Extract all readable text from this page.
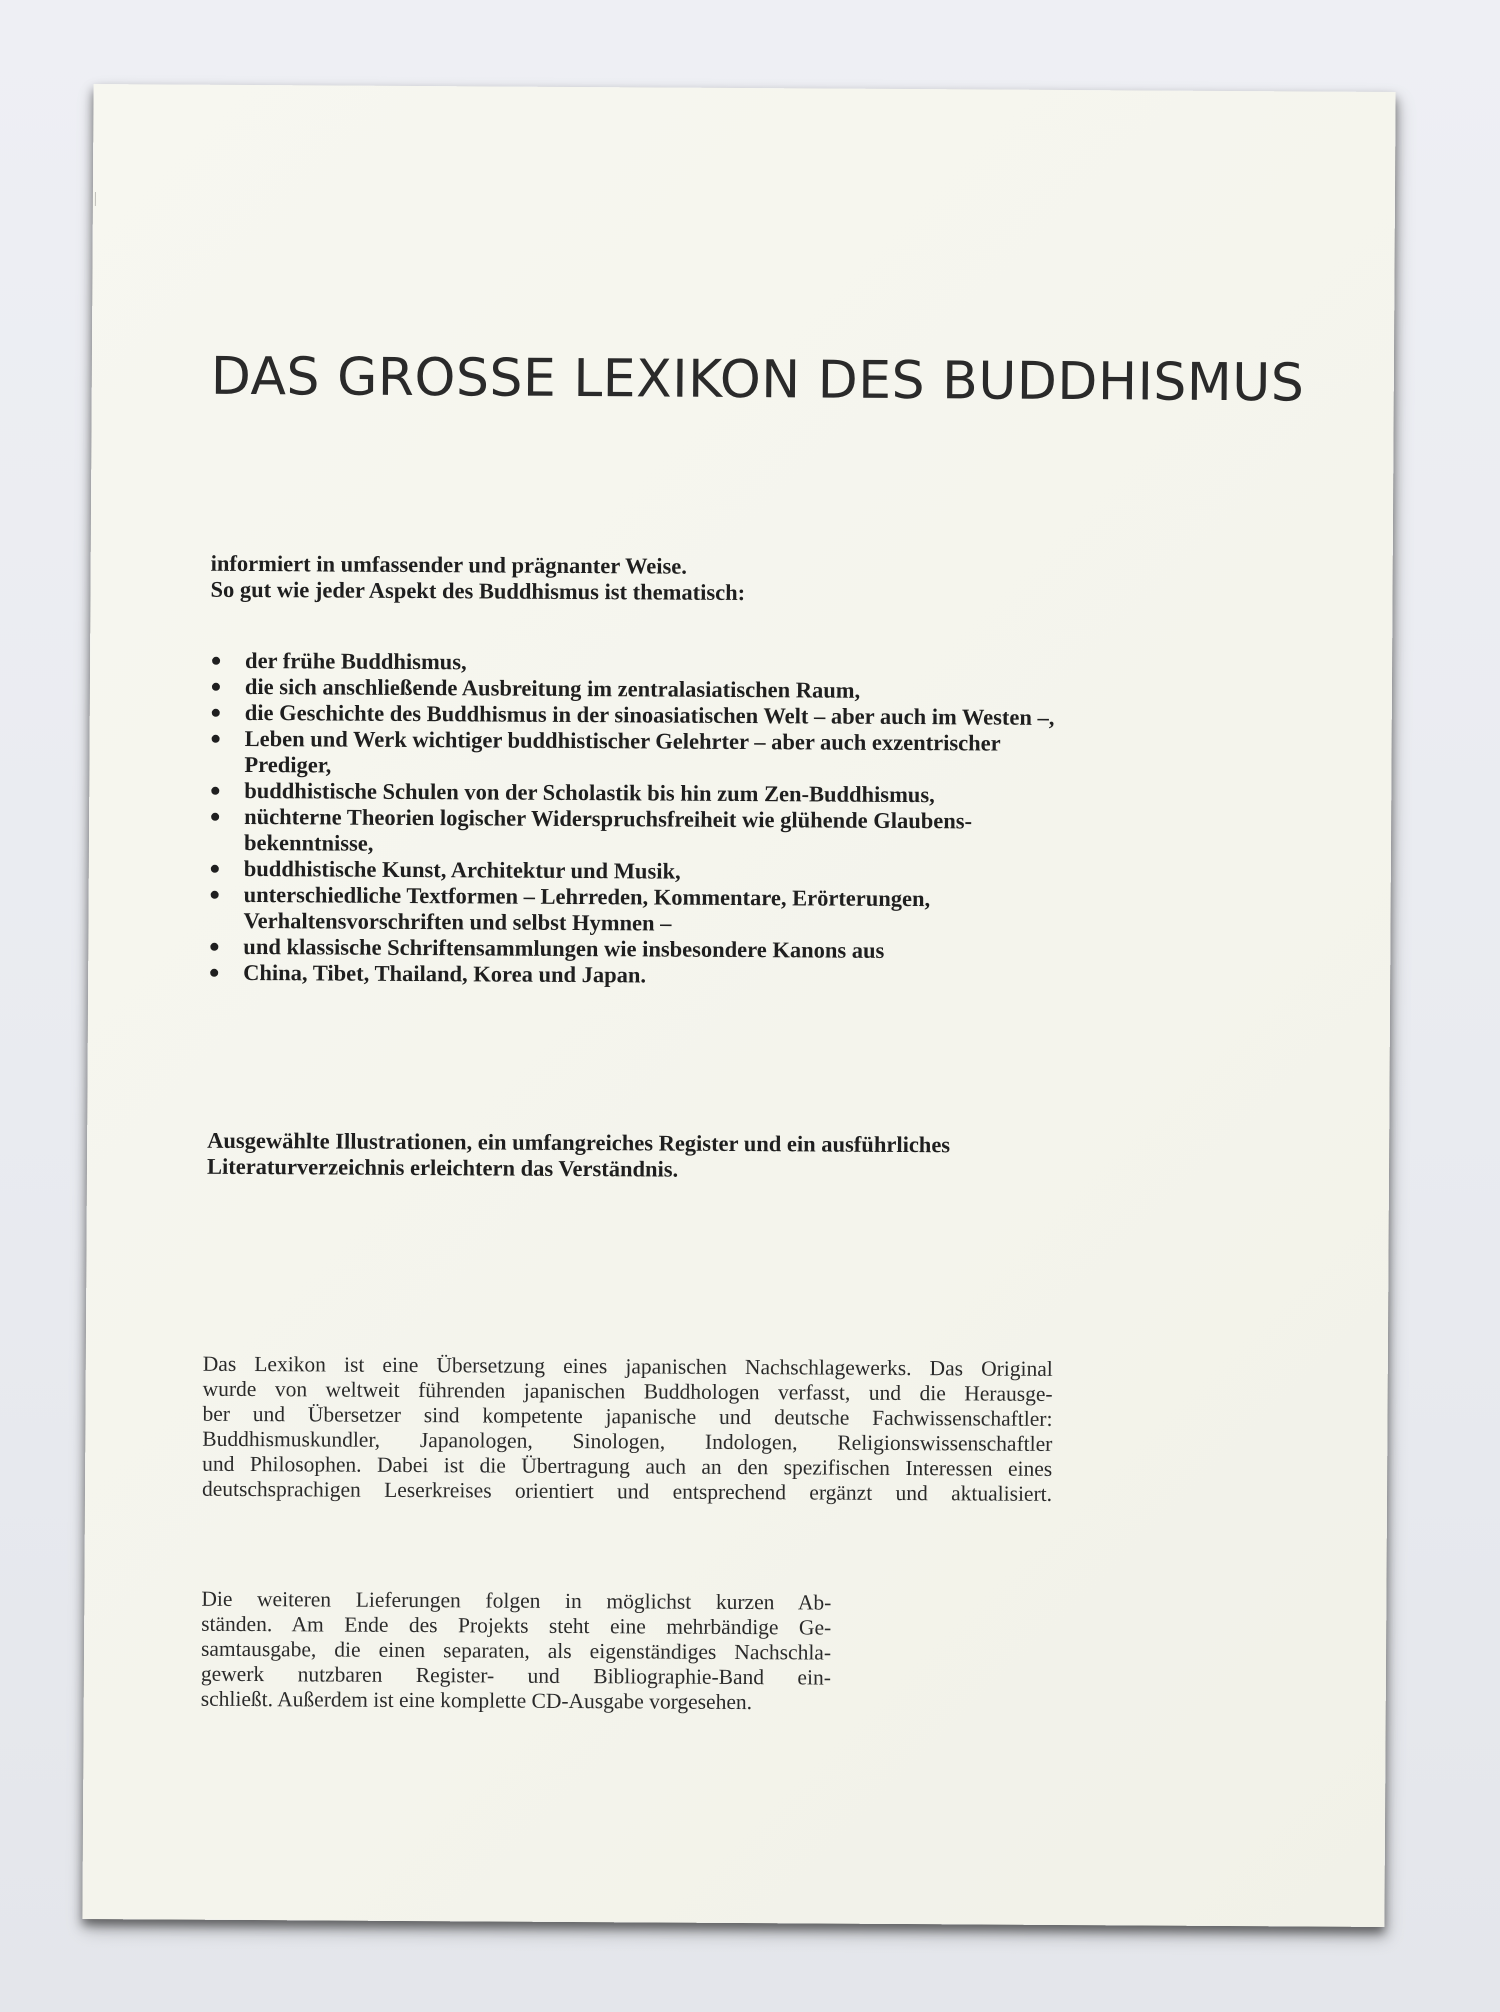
DAS GROSSE LEXIKON DES BUDDHISMUS
informiert in umfassender und prägnanter Weise.
So gut wie jeder Aspekt des Buddhismus ist thematisch:
der frühe Buddhismus,
die sich anschließende Ausbreitung im zentralasiatischen Raum,
die Geschichte des Buddhismus in der sinoasiatischen Welt – aber auch im Westen –,
Leben und Werk wichtiger buddhistischer Gelehrter – aber auch exzentrischer
Prediger,
buddhistische Schulen von der Scholastik bis hin zum Zen-Buddhismus,
nüchterne Theorien logischer Widerspruchsfreiheit wie glühende Glaubens-
bekenntnisse,
buddhistische Kunst, Architektur und Musik,
unterschiedliche Textformen – Lehrreden, Kommentare, Erörterungen,
Verhaltensvorschriften und selbst Hymnen –
und klassische Schriftensammlungen wie insbesondere Kanons aus
China, Tibet, Thailand, Korea und Japan.
Ausgewählte Illustrationen, ein umfangreiches Register und ein ausführliches
Literaturverzeichnis erleichtern das Verständnis.
Das Lexikon ist eine Übersetzung eines japanischen Nachschlagewerks. Das Original
wurde von weltweit führenden japanischen Buddhologen verfasst, und die Herausge-
ber und Übersetzer sind kompetente japanische und deutsche Fachwissenschaftler:
Buddhismuskundler, Japanologen, Sinologen, Indologen, Religionswissenschaftler
und Philosophen. Dabei ist die Übertragung auch an den spezifischen Interessen eines
deutschsprachigen Leserkreises orientiert und entsprechend ergänzt und aktualisiert.
Die weiteren Lieferungen folgen in möglichst kurzen Ab-
ständen. Am Ende des Projekts steht eine mehrbändige Ge-
samtausgabe, die einen separaten, als eigenständiges Nachschla-
gewerk nutzbaren Register- und Bibliographie-Band ein-
schließt. Außerdem ist eine komplette CD-Ausgabe vorgesehen.
